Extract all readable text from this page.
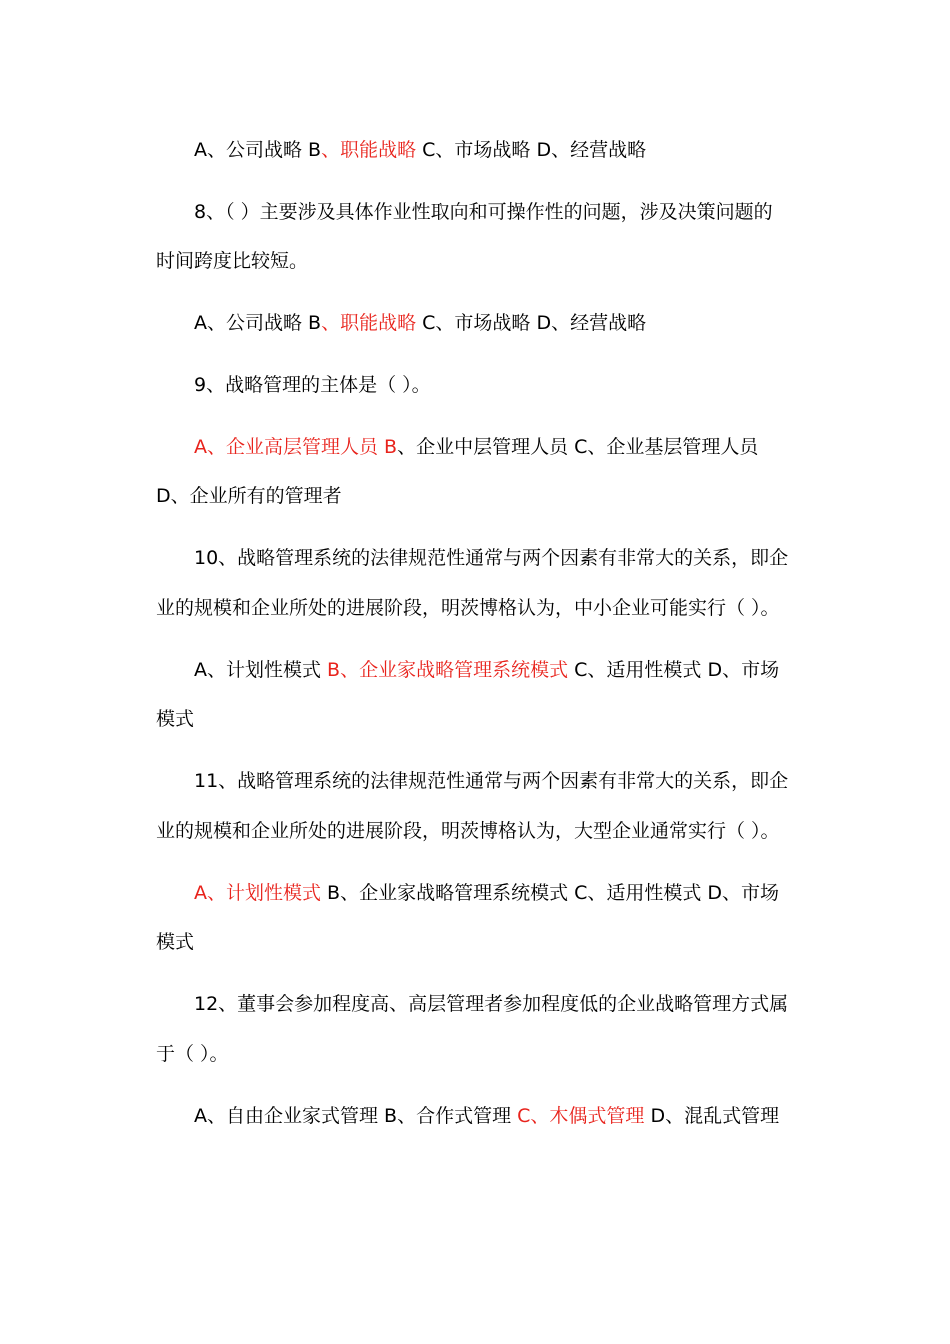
A、公司战略 B、职能战略 C、市场战略 D、经营战略
8、（ ）主要涉及具体作业性取向和可操作性的问题，涉及决策问题的
时间跨度比较短。
A、公司战略 B、职能战略 C、市场战略 D、经营战略
9、战略管理的主体是（ ）。
A、企业高层管理人员 B、企业中层管理人员 C、企业基层管理人员
D、企业所有的管理者
10、战略管理系统的法律规范性通常与两个因素有非常大的关系，即企
业的规模和企业所处的进展阶段，明茨博格认为，中小企业可能实行（ ）。
A、计划性模式 B、企业家战略管理系统模式 C、适用性模式 D、市场
模式
11、战略管理系统的法律规范性通常与两个因素有非常大的关系，即企
业的规模和企业所处的进展阶段，明茨博格认为，大型企业通常实行（ ）。
A、计划性模式 B、企业家战略管理系统模式 C、适用性模式 D、市场
模式
12、董事会参加程度高、高层管理者参加程度低的企业战略管理方式属
于（ ）。
A、自由企业家式管理 B、合作式管理 C、木偶式管理 D、混乱式管理
